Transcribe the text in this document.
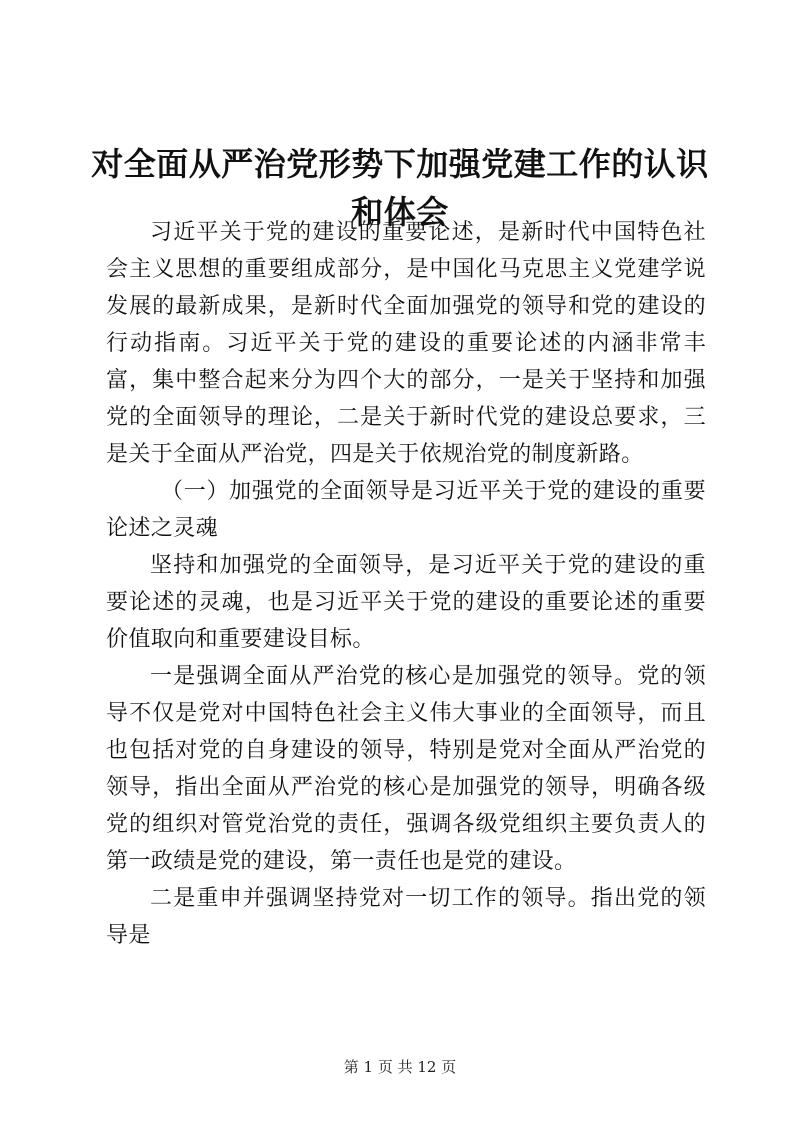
对全面从严治党形势下加强党建工作的认识和体会

习近平关于党的建设的重要论述，是新时代中国特色社会主义思想的重要组成部分，是中国化马克思主义党建学说发展的最新成果，是新时代全面加强党的领导和党的建设的行动指南。习近平关于党的建设的重要论述的内涵非常丰富，集中整合起来分为四个大的部分，一是关于坚持和加强党的全面领导的理论，二是关于新时代党的建设总要求，三是关于全面从严治党，四是关于依规治党的制度新路。

（一）加强党的全面领导是习近平关于党的建设的重要论述之灵魂

坚持和加强党的全面领导，是习近平关于党的建设的重要论述的灵魂，也是习近平关于党的建设的重要论述的重要价值取向和重要建设目标。

一是强调全面从严治党的核心是加强党的领导。党的领导不仅是党对中国特色社会主义伟大事业的全面领导，而且也包括对党的自身建设的领导，特别是党对全面从严治党的领导，指出全面从严治党的核心是加强党的领导，明确各级党的组织对管党治党的责任，强调各级党组织主要负责人的第一政绩是党的建设，第一责任也是党的建设。

二是重申并强调坚持党对一切工作的领导。指出党的领导是

第 1 页 共 12 页
